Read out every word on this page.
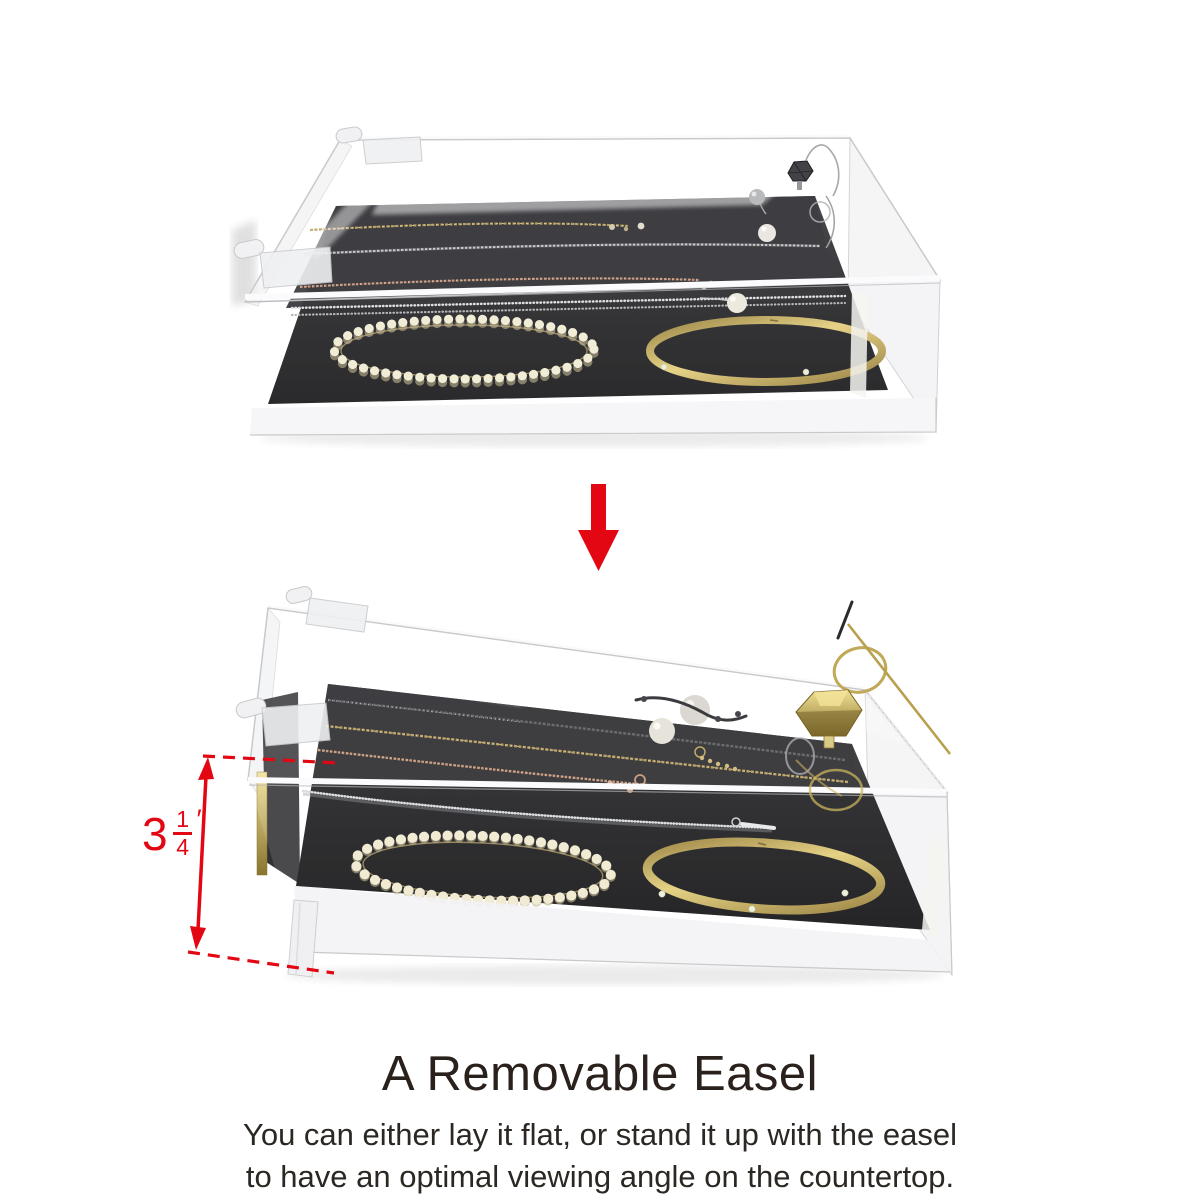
$3 \frac{1}{4}$ ″
A Removable Easel
You can either lay it flat, or stand it up with the easel
to have an optimal viewing angle on the countertop.
